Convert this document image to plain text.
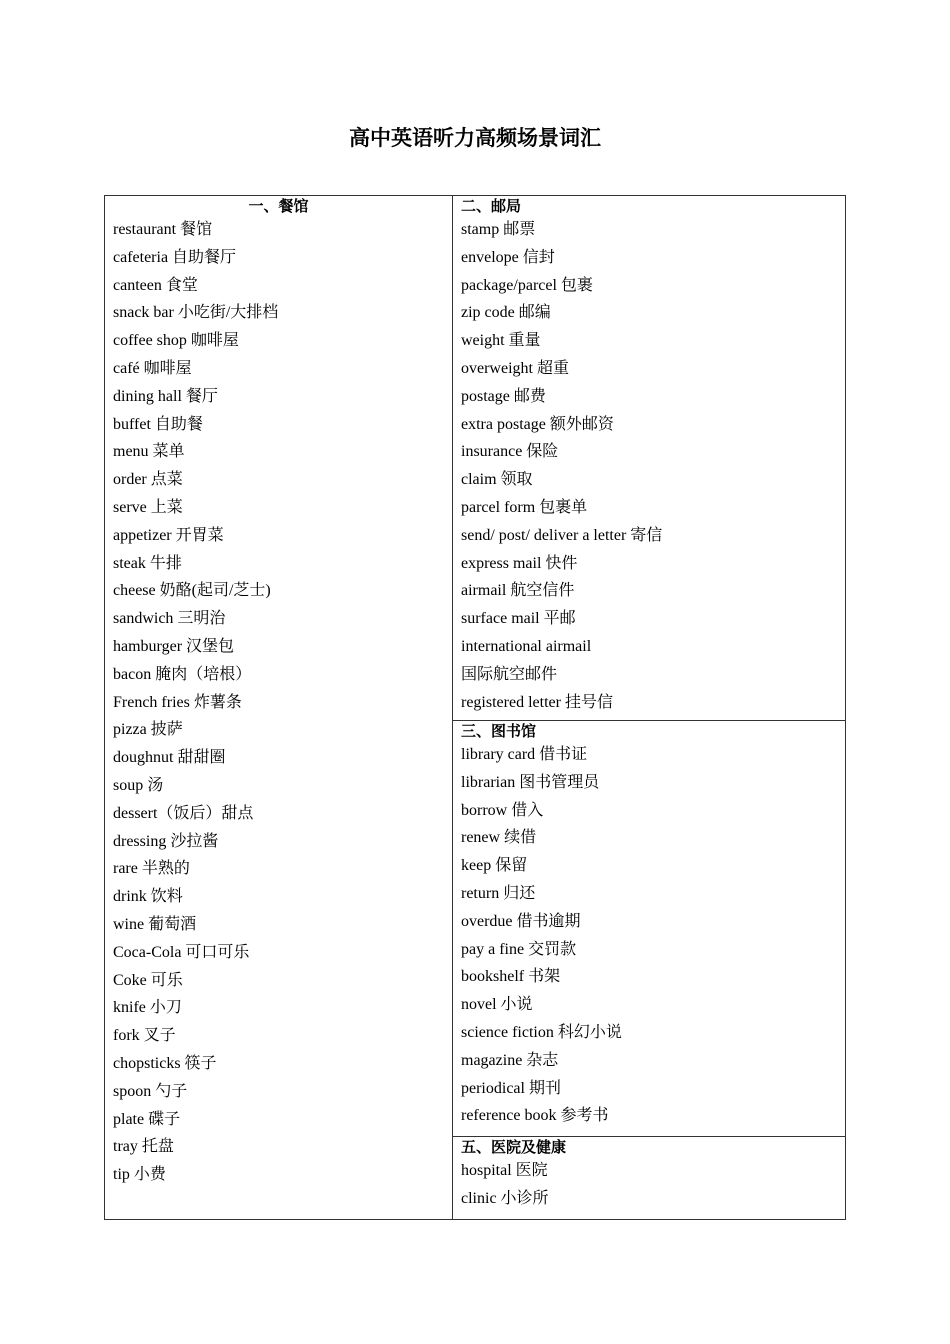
高中英语听力高频场景词汇
一、餐馆
restaurant 餐馆
cafeteria 自助餐厅
canteen 食堂
snack bar 小吃街/大排档
coffee shop 咖啡屋
café 咖啡屋
dining hall 餐厅
buffet 自助餐
menu 菜单
order 点菜
serve 上菜
appetizer 开胃菜
steak 牛排
cheese 奶酪(起司/芝士)
sandwich 三明治
hamburger 汉堡包
bacon 腌肉（培根）
French fries 炸薯条
pizza 披萨
doughnut 甜甜圈
soup 汤
dessert（饭后）甜点
dressing 沙拉酱
rare 半熟的
drink 饮料
wine 葡萄酒
Coca-Cola 可口可乐
Coke 可乐
knife 小刀
fork 叉子
chopsticks 筷子
spoon 勺子
plate 碟子
tray 托盘
tip 小费
二、邮局
stamp 邮票
envelope 信封
package/parcel 包裹
zip code 邮编
weight 重量
overweight 超重
postage 邮费
extra postage 额外邮资
insurance 保险
claim 领取
parcel form 包裹单
send/ post/ deliver a letter 寄信
express mail 快件
airmail 航空信件
surface mail 平邮
international airmail
国际航空邮件
registered letter 挂号信
三、图书馆
library card 借书证
librarian 图书管理员
borrow 借入
renew 续借
keep 保留
return 归还
overdue 借书逾期
pay a fine 交罚款
bookshelf 书架
novel 小说
science fiction 科幻小说
magazine 杂志
periodical 期刊
reference book 参考书
五、医院及健康
hospital 医院
clinic 小诊所
